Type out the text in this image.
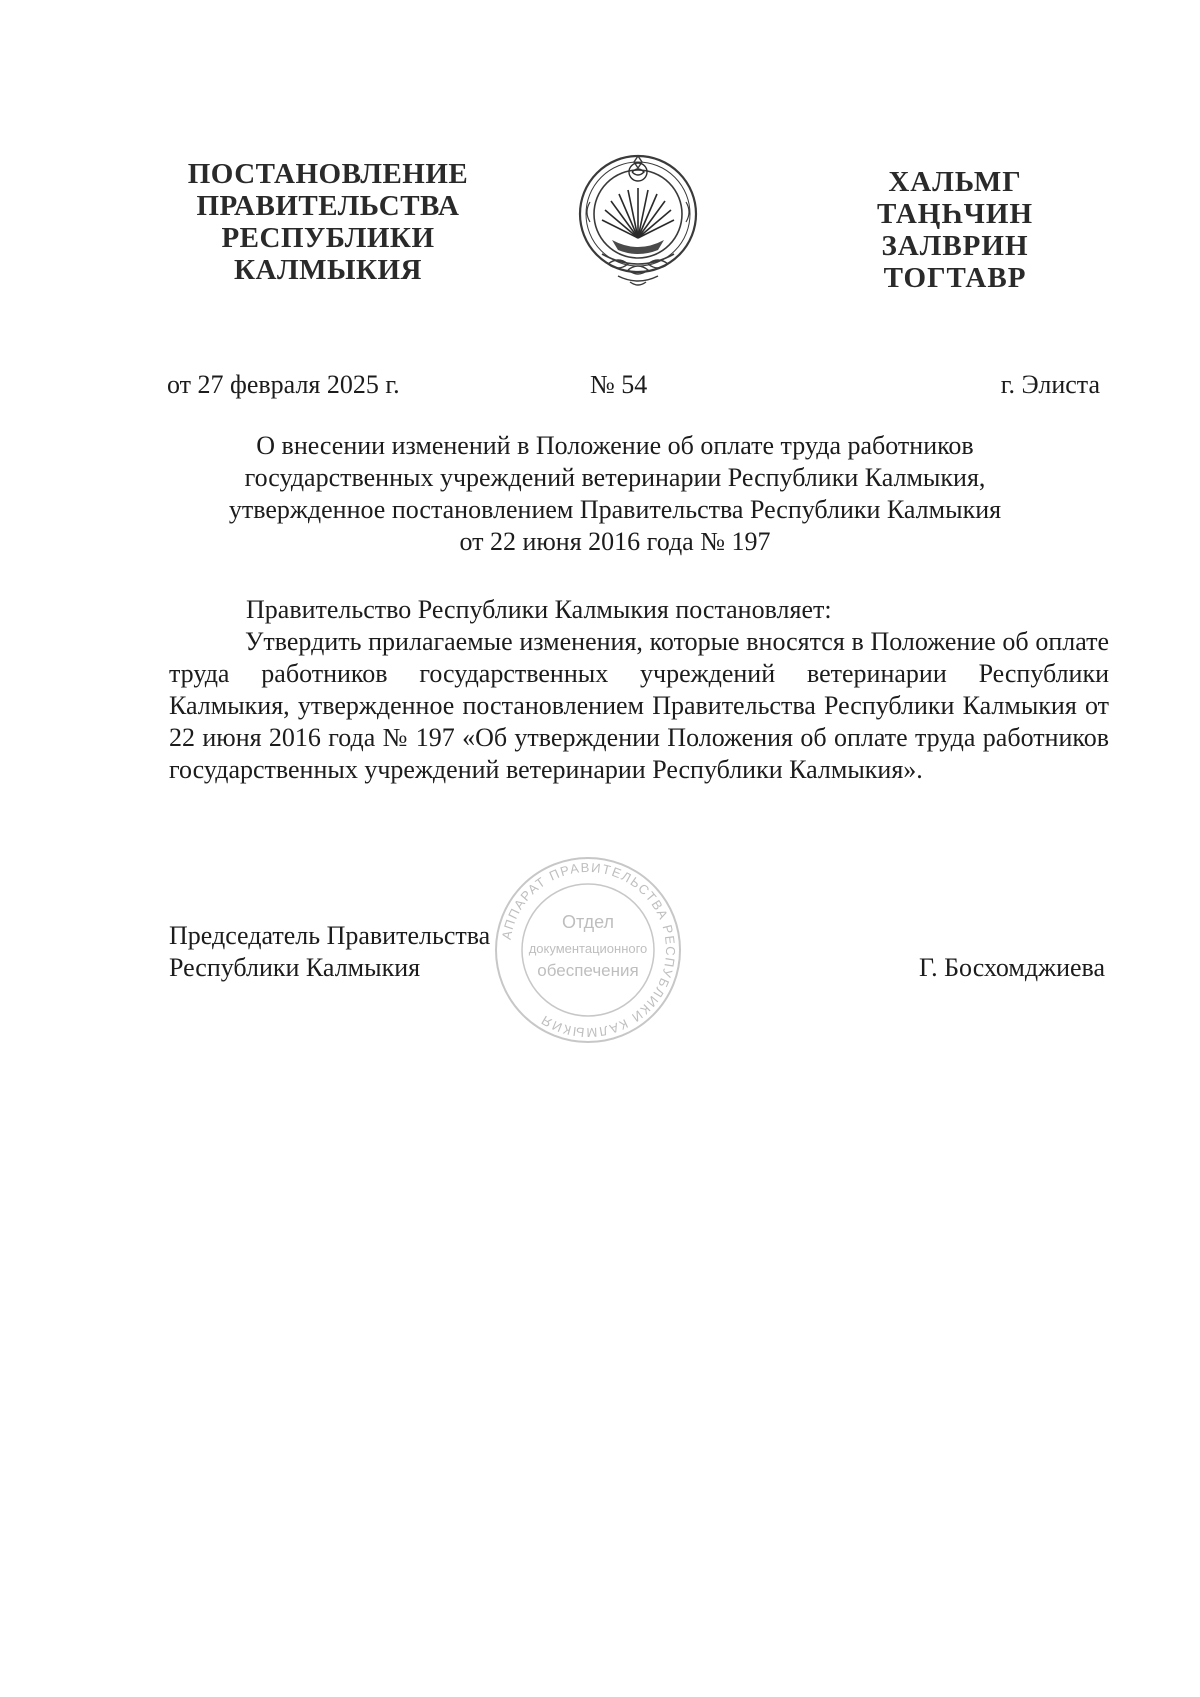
ПОСТАНОВЛЕНИЕ
ПРАВИТЕЛЬСТВА
РЕСПУБЛИКИ
КАЛМЫКИЯ
ХАЛЬМГ
ТАҢҺЧИН
ЗАЛВРИН
ТОГТАВР
от 27 февраля 2025 г.	№ 54	г. Элиста
О внесении изменений в Положение об оплате труда работников
государственных учреждений ветеринарии Республики Калмыкия,
утвержденное постановлением Правительства Республики Калмыкия
от 22 июня 2016 года № 197
Правительство Республики Калмыкия постановляет:
Утвердить прилагаемые изменения, которые вносятся в Положение об оплате труда работников государственных учреждений ветеринарии Республики Калмыкия, утвержденное постановлением Правительства Республики Калмыкия от 22 июня 2016 года № 197 «Об утверждении Положения об оплате труда работников государственных учреждений ветеринарии Республики Калмыкия».
АППАРАТ ПРАВИТЕЛЬСТВА РЕСПУБЛИКИ КАЛМЫКИЯ
Отдел
документационного
обеспечения
Председатель Правительства
Республики Калмыкия	Г. Босхомджиева
